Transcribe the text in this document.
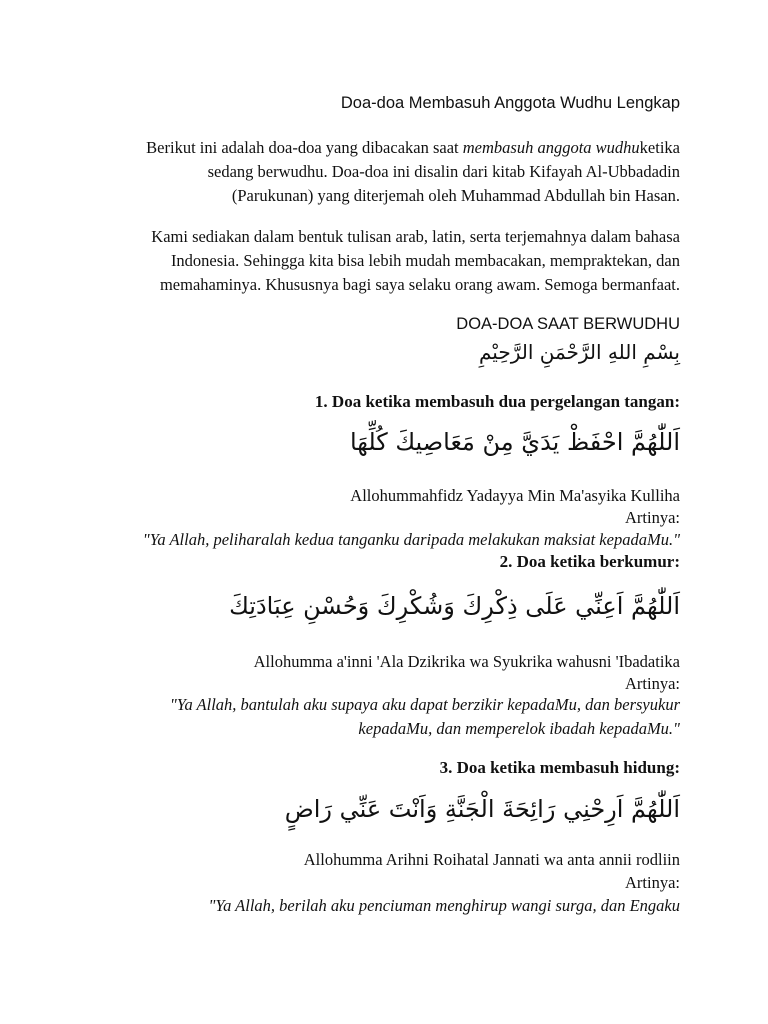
Doa-doa Membasuh Anggota Wudhu Lengkap
Berikut ini adalah doa-doa yang dibacakan saat membasuh anggota wudhuketika
sedang berwudhu. Doa-doa ini disalin dari kitab Kifayah Al-Ubbadadin
(Parukunan) yang diterjemah oleh Muhammad Abdullah bin Hasan.
Kami sediakan dalam bentuk tulisan arab, latin, serta terjemahnya dalam bahasa
Indonesia. Sehingga kita bisa lebih mudah membacakan, mempraktekan, dan
memahaminya. Khususnya bagi saya selaku orang awam. Semoga bermanfaat.
DOA-DOA SAAT BERWUDHU
بِسْمِ اللهِ الرَّحْمَنِ الرَّحِيْمِ
1. Doa ketika membasuh dua pergelangan tangan:
اَللّٰهُمَّ احْفَظْ يَدَيَّ مِنْ مَعَاصِيكَ كُلِّهَا
Allohummahfidz Yadayya Min Ma'asyika Kulliha
Artinya:
"Ya Allah, peliharalah kedua tanganku daripada melakukan maksiat kepadaMu."
2. Doa ketika berkumur:
اَللّٰهُمَّ اَعِنِّي عَلَى ذِكْرِكَ وَشُكْرِكَ وَحُسْنِ عِبَادَتِكَ
Allohumma a'inni 'Ala Dzikrika wa Syukrika wahusni 'Ibadatika
Artinya:
"Ya Allah, bantulah aku supaya aku dapat berzikir kepadaMu, dan bersyukur
kepadaMu, dan memperelok ibadah kepadaMu."
3. Doa ketika membasuh hidung:
اَللّٰهُمَّ اَرِحْنِي رَائِحَةَ الْجَنَّةِ وَاَنْتَ عَنِّي رَاضٍ
Allohumma Arihni Roihatal Jannati wa anta annii rodliin
Artinya:
"Ya Allah, berilah aku penciuman menghirup wangi surga, dan Engaku
